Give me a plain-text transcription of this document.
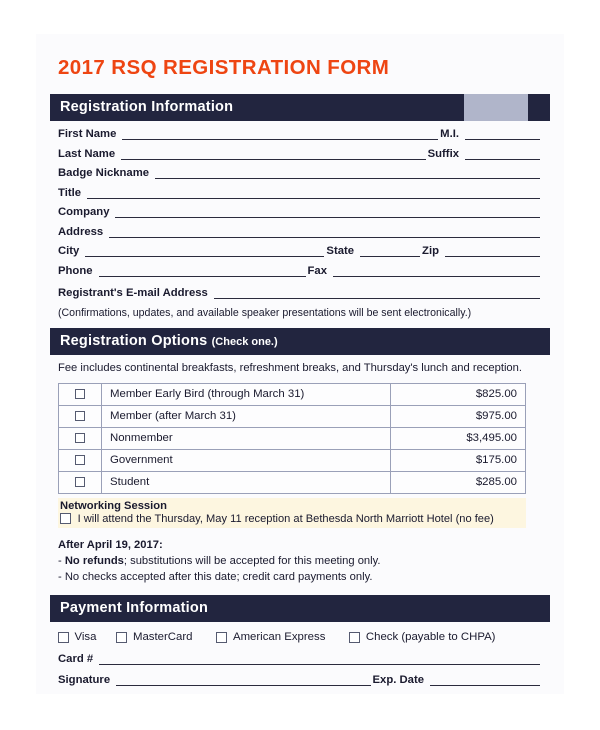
2017 RSQ REGISTRATION FORM
Registration Information
First Name	M.I.
Last Name	Suffix
Badge Nickname
Title
Company
Address
City	State	Zip
Phone	Fax
Registrant's E-mail Address
(Confirmations, updates, and available speaker presentations will be sent electronically.)
Registration Options (Check one.)
Fee includes continental breakfasts, refreshment breaks, and Thursday's lunch and reception.
	Member Early Bird (through March 31)	$825.00
	Member (after March 31)	$975.00
	Nonmember	$3,495.00
	Government	$175.00
	Student	$285.00
Networking Session
I will attend the Thursday, May 11 reception at Bethesda North Marriott Hotel (no fee)
After April 19, 2017:
- No refunds; substitutions will be accepted for this meeting only.
- No checks accepted after this date; credit card payments only.
Payment Information
Visa	MasterCard	American Express	Check (payable to CHPA)
Card #
Signature	Exp. Date
